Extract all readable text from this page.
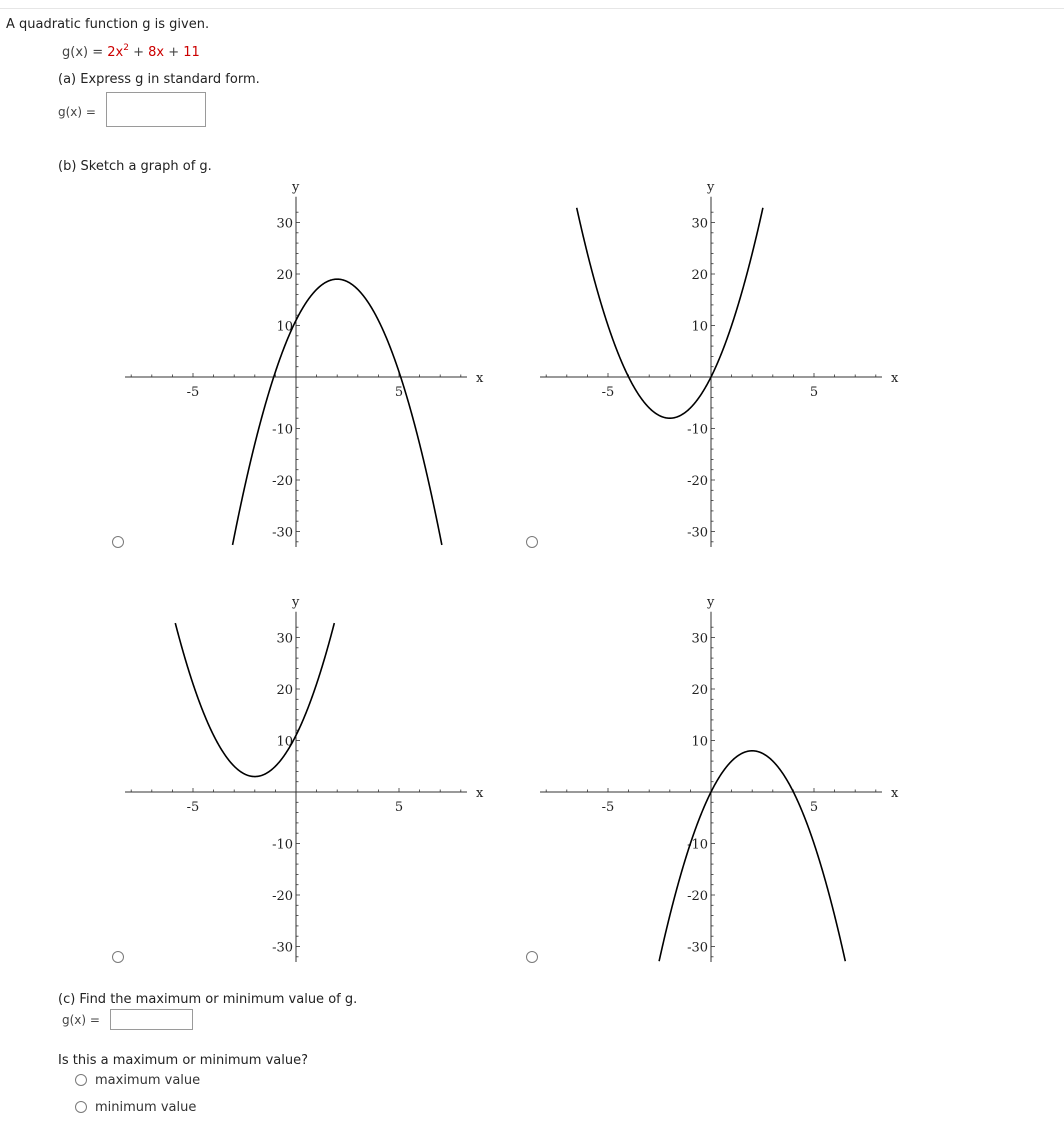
A quadratic function g is given.
$g(x) = 2x^2 + 8x + 11$
(a) Express g in standard form.
g(x) =
(b) Sketch a graph of g.
x
y
-5	5
30
20
10
-10
-20
-30
x
y
-5	5
30
20
10
-10
-20
-30
x
y
-5	5
30
20
10
-10
-20
-30
x
y
-5	5
30
20
10
-10
-20
-30
(c) Find the maximum or minimum value of g.
g(x) =
Is this a maximum or minimum value?
maximum value
minimum value
